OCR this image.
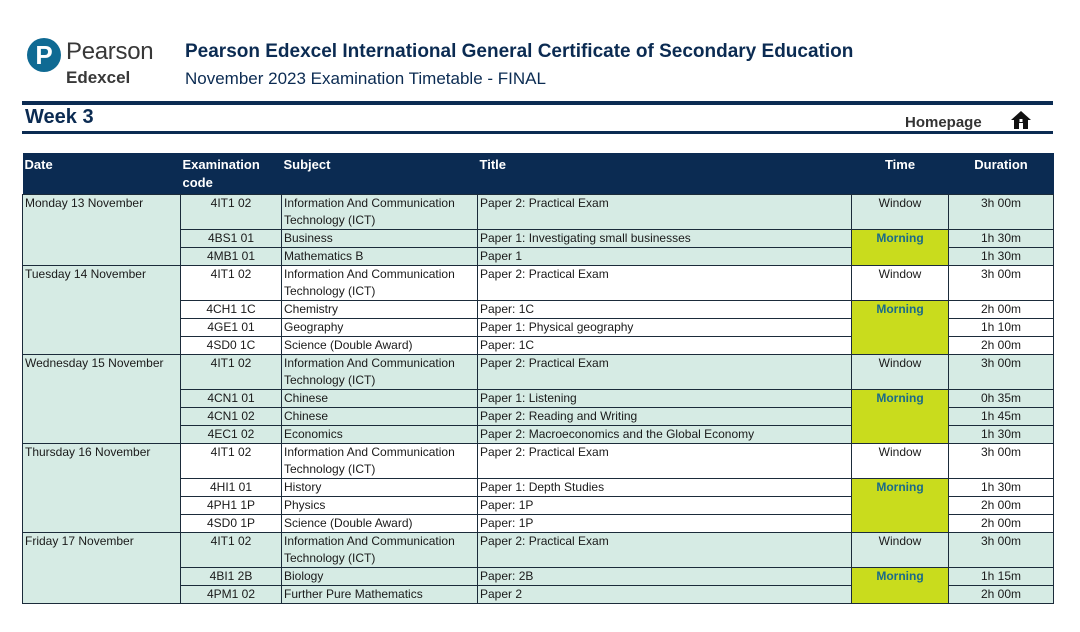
P Pearson
Edexcel
Pearson Edexcel International General Certificate of Secondary Education
November 2023 Examination Timetable - FINAL
Week 3	Homepage
Date	Examination code	Subject	Title	Time	Duration
Monday 13 November	4IT1 02	Information And Communication Technology (ICT)	Paper 2: Practical Exam	Window	3h 00m
	4BS1 01	Business	Paper 1: Investigating small businesses	Morning	1h 30m
	4MB1 01	Mathematics B	Paper 1		1h 30m
Tuesday 14 November	4IT1 02	Information And Communication Technology (ICT)	Paper 2: Practical Exam	Window	3h 00m
	4CH1 1C	Chemistry	Paper: 1C	Morning	2h 00m
	4GE1 01	Geography	Paper 1: Physical geography		1h 10m
	4SD0 1C	Science (Double Award)	Paper: 1C		2h 00m
Wednesday 15 November	4IT1 02	Information And Communication Technology (ICT)	Paper 2: Practical Exam	Window	3h 00m
	4CN1 01	Chinese	Paper 1: Listening	Morning	0h 35m
	4CN1 02	Chinese	Paper 2: Reading and Writing		1h 45m
	4EC1 02	Economics	Paper 2: Macroeconomics and the Global Economy		1h 30m
Thursday 16 November	4IT1 02	Information And Communication Technology (ICT)	Paper 2: Practical Exam	Window	3h 00m
	4HI1 01	History	Paper 1: Depth Studies	Morning	1h 30m
	4PH1 1P	Physics	Paper: 1P		2h 00m
	4SD0 1P	Science (Double Award)	Paper: 1P		2h 00m
Friday 17 November	4IT1 02	Information And Communication Technology (ICT)	Paper 2: Practical Exam	Window	3h 00m
	4BI1 2B	Biology	Paper: 2B	Morning	1h 15m
	4PM1 02	Further Pure Mathematics	Paper 2		2h 00m
